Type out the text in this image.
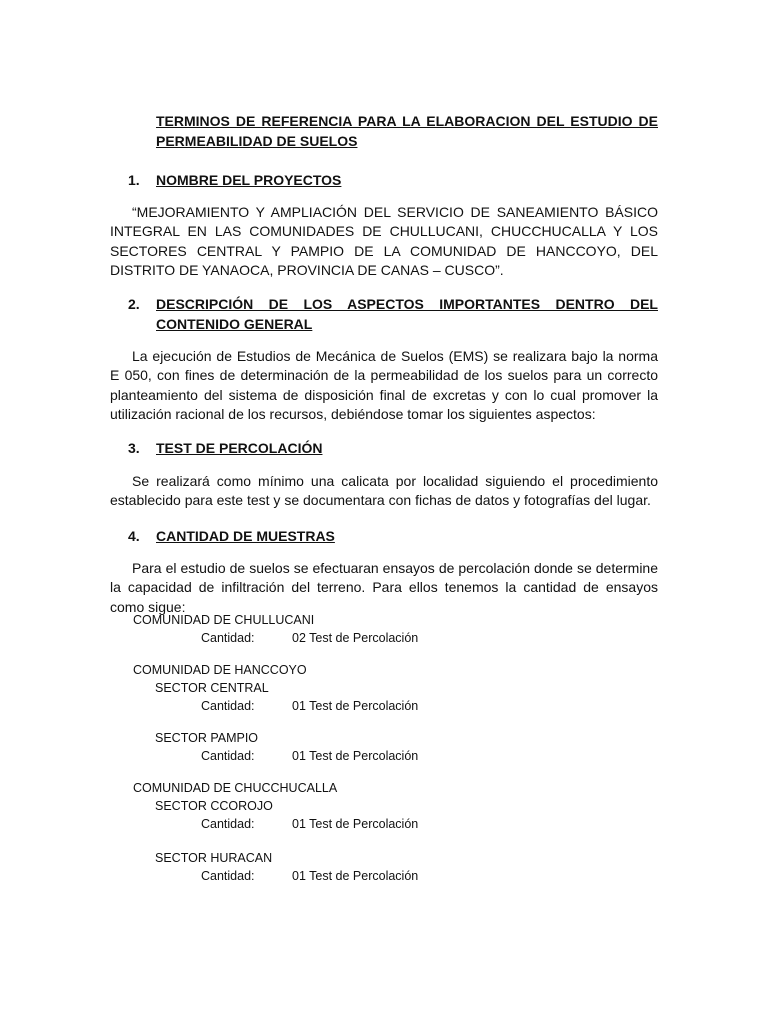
TERMINOS DE REFERENCIA PARA LA ELABORACION DEL ESTUDIO DE PERMEABILIDAD DE SUELOS
1. NOMBRE DEL PROYECTOS

“MEJORAMIENTO Y AMPLIACIÓN DEL SERVICIO DE SANEAMIENTO BÁSICO INTEGRAL EN LAS COMUNIDADES DE CHULLUCANI, CHUCCHUCALLA Y LOS SECTORES CENTRAL Y PAMPIO DE LA COMUNIDAD DE HANCCOYO, DEL DISTRITO DE YANAOCA, PROVINCIA DE CANAS – CUSCO”.

2. DESCRIPCIÓN DE LOS ASPECTOS IMPORTANTES DENTRO DEL CONTENIDO GENERAL

La ejecución de Estudios de Mecánica de Suelos (EMS) se realizara bajo la norma E 050, con fines de determinación de la permeabilidad de los suelos para un correcto planteamiento del sistema de disposición final de excretas y con lo cual promover la utilización racional de los recursos, debiéndose tomar los siguientes aspectos:

3. TEST DE PERCOLACIÓN

Se realizará como mínimo una calicata por localidad siguiendo el procedimiento establecido para este test y se documentara con fichas de datos y fotografías del lugar.

4. CANTIDAD DE MUESTRAS

Para el estudio de suelos se efectuaran ensayos de percolación donde se determine la capacidad de infiltración del terreno. Para ellos tenemos la cantidad de ensayos como sigue:

COMUNIDAD DE CHULLUCANI
Cantidad:	02 Test de Percolación
COMUNIDAD DE HANCCOYO
SECTOR CENTRAL
Cantidad:	01 Test de Percolación
SECTOR PAMPIO
Cantidad:	01 Test de Percolación
COMUNIDAD DE CHUCCHUCALLA
SECTOR CCOROJO
Cantidad:	01 Test de Percolación
SECTOR HURACAN
Cantidad:	01 Test de Percolación
